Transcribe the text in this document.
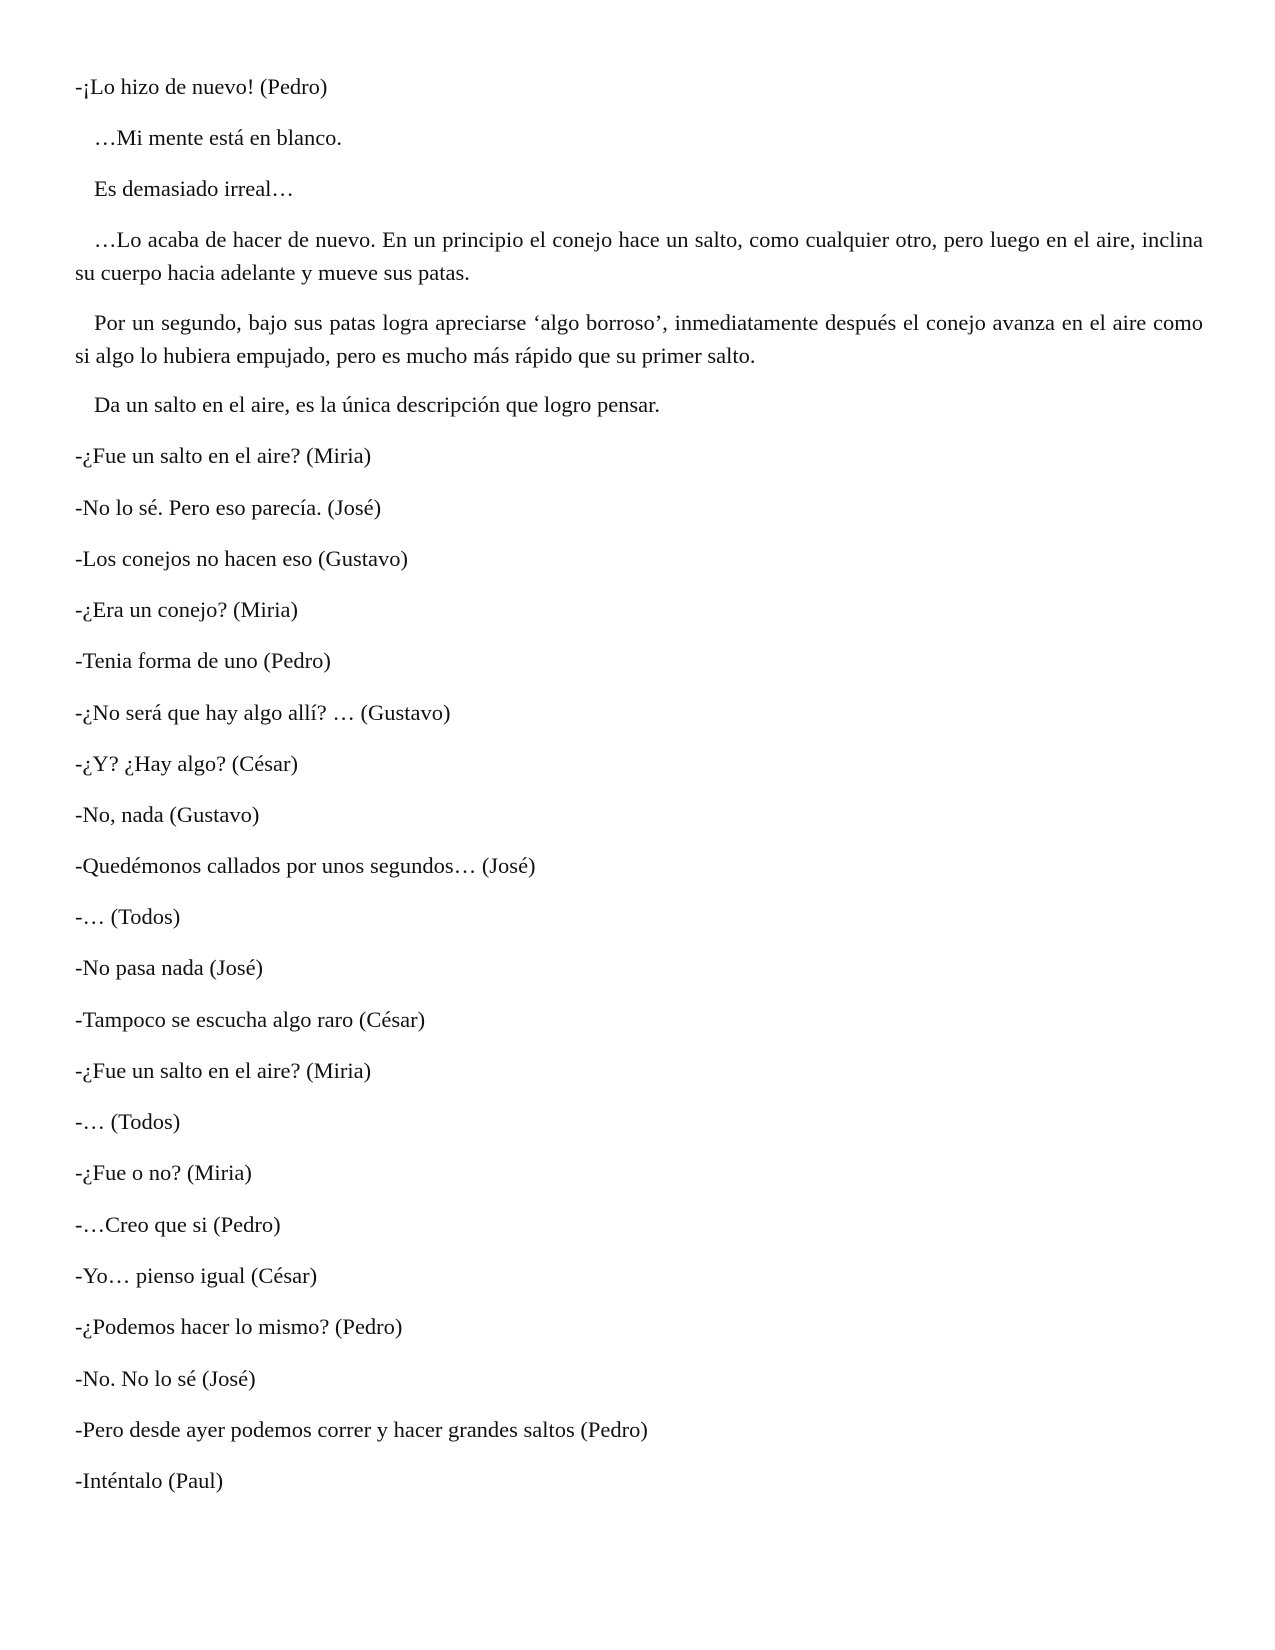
-¡Lo hizo de nuevo! (Pedro)
…Mi mente está en blanco.
Es demasiado irreal…
…Lo acaba de hacer de nuevo. En un principio el conejo hace un salto, como cualquier otro, pero luego en el aire, inclina su cuerpo hacia adelante y mueve sus patas.
Por un segundo, bajo sus patas logra apreciarse ‘algo borroso’, inmediatamente después el conejo avanza en el aire como si algo lo hubiera empujado, pero es mucho más rápido que su primer salto.
Da un salto en el aire, es la única descripción que logro pensar.
-¿Fue un salto en el aire? (Miria)
-No lo sé. Pero eso parecía. (José)
-Los conejos no hacen eso (Gustavo)
-¿Era un conejo? (Miria)
-Tenia forma de uno (Pedro)
-¿No será que hay algo allí? … (Gustavo)
-¿Y? ¿Hay algo? (César)
-No, nada (Gustavo)
-Quedémonos callados por unos segundos… (José)
-… (Todos)
-No pasa nada (José)
-Tampoco se escucha algo raro (César)
-¿Fue un salto en el aire? (Miria)
-… (Todos)
-¿Fue o no? (Miria)
-…Creo que si (Pedro)
-Yo… pienso igual (César)
-¿Podemos hacer lo mismo? (Pedro)
-No. No lo sé (José)
-Pero desde ayer podemos correr y hacer grandes saltos (Pedro)
-Inténtalo (Paul)
